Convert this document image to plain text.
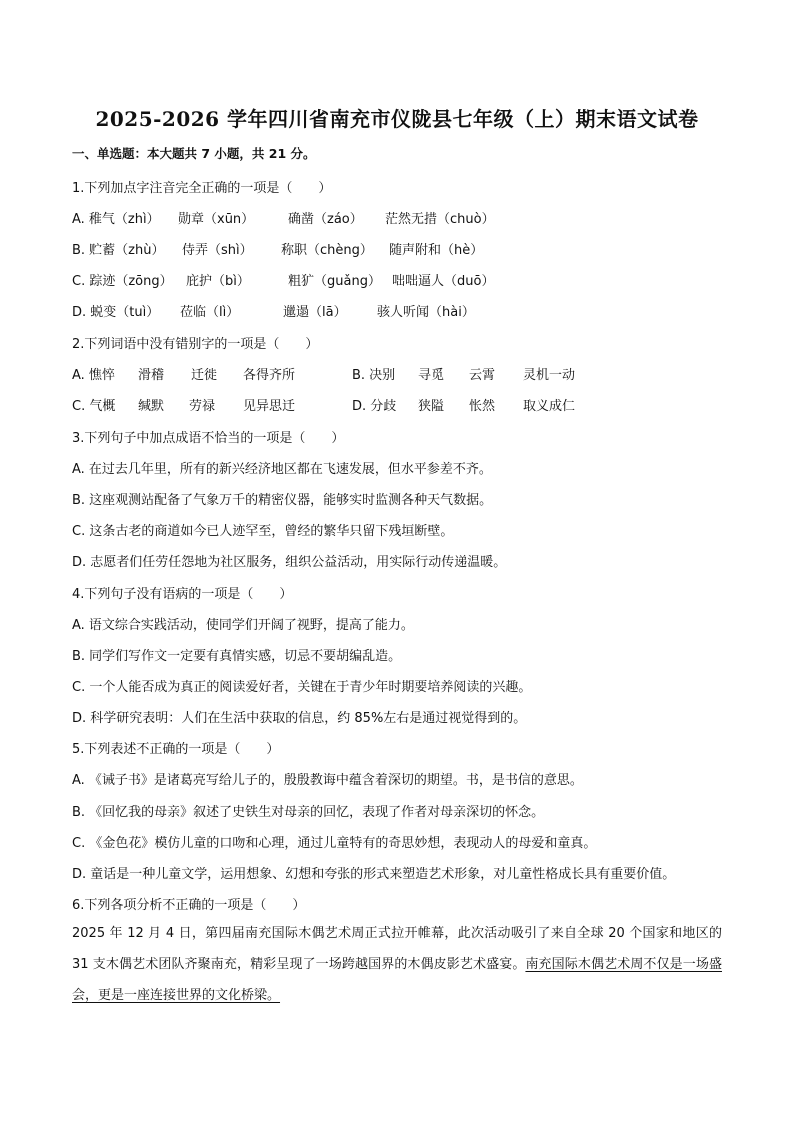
2025-2026 学年四川省南充市仪陇县七年级（上）期末语文试卷
一、单选题：本大题共 7 小题，共 21 分。
1.下列加点字注音完全正确的一项是（　　）
A. 稚气（zhì） 勋章（xūn）	确凿（záo） 茫然无措（chuò）
B. 贮蓄（zhù） 侍弄（shì） 称职（chèng） 随声附和（hè）
C. 踪迹（zōng） 庇护（bì）	粗犷（guǎng） 咄咄逼人（duō）
D. 蜕变（tuì） 莅临（lì）	邋遢（lā） 骇人听闻（hài）
2.下列词语中没有错别字的一项是（　　）
A. 憔悴 滑稽 迁徙 各得齐所	B. 决别 寻觅 云霄 灵机一动
C. 气概 缄默 劳禄 见异思迁	D. 分歧 狭隘 怅然 取义成仁
3.下列句子中加点成语不恰当的一项是（　　）
A. 在过去几年里，所有的新兴经济地区都在飞速发展，但水平参差不齐。
B. 这座观测站配备了气象万千的精密仪器，能够实时监测各种天气数据。
C. 这条古老的商道如今已人迹罕至，曾经的繁华只留下残垣断壁。
D. 志愿者们任劳任怨地为社区服务，组织公益活动，用实际行动传递温暖。
4.下列句子没有语病的一项是（　　）
A. 语文综合实践活动，使同学们开阔了视野，提高了能力。
B. 同学们写作文一定要有真情实感，切忌不要胡编乱造。
C. 一个人能否成为真正的阅读爱好者，关键在于青少年时期要培养阅读的兴趣。
D. 科学研究表明：人们在生活中获取的信息，约 85%左右是通过视觉得到的。
5.下列表述不正确的一项是（　　）
A. 《诫子书》是诸葛亮写给儿子的，殷殷教诲中蕴含着深切的期望。书，是书信的意思。
B. 《回忆我的母亲》叙述了史铁生对母亲的回忆，表现了作者对母亲深切的怀念。
C. 《金色花》模仿儿童的口吻和心理，通过儿童特有的奇思妙想，表现动人的母爱和童真。
D. 童话是一种儿童文学，运用想象、幻想和夸张的形式来塑造艺术形象，对儿童性格成长具有重要价值。
6.下列各项分析不正确的一项是（　　）
2025 年 12 月 4 日，第四届南充国际木偶艺术周正式拉开帷幕，此次活动吸引了来自全球 20 个国家和地区的 31 支木偶艺术团队齐聚南充，精彩呈现了一场跨越国界的木偶皮影艺术盛宴。南充国际木偶艺术周不仅是一场盛会，更是一座连接世界的文化桥梁。
